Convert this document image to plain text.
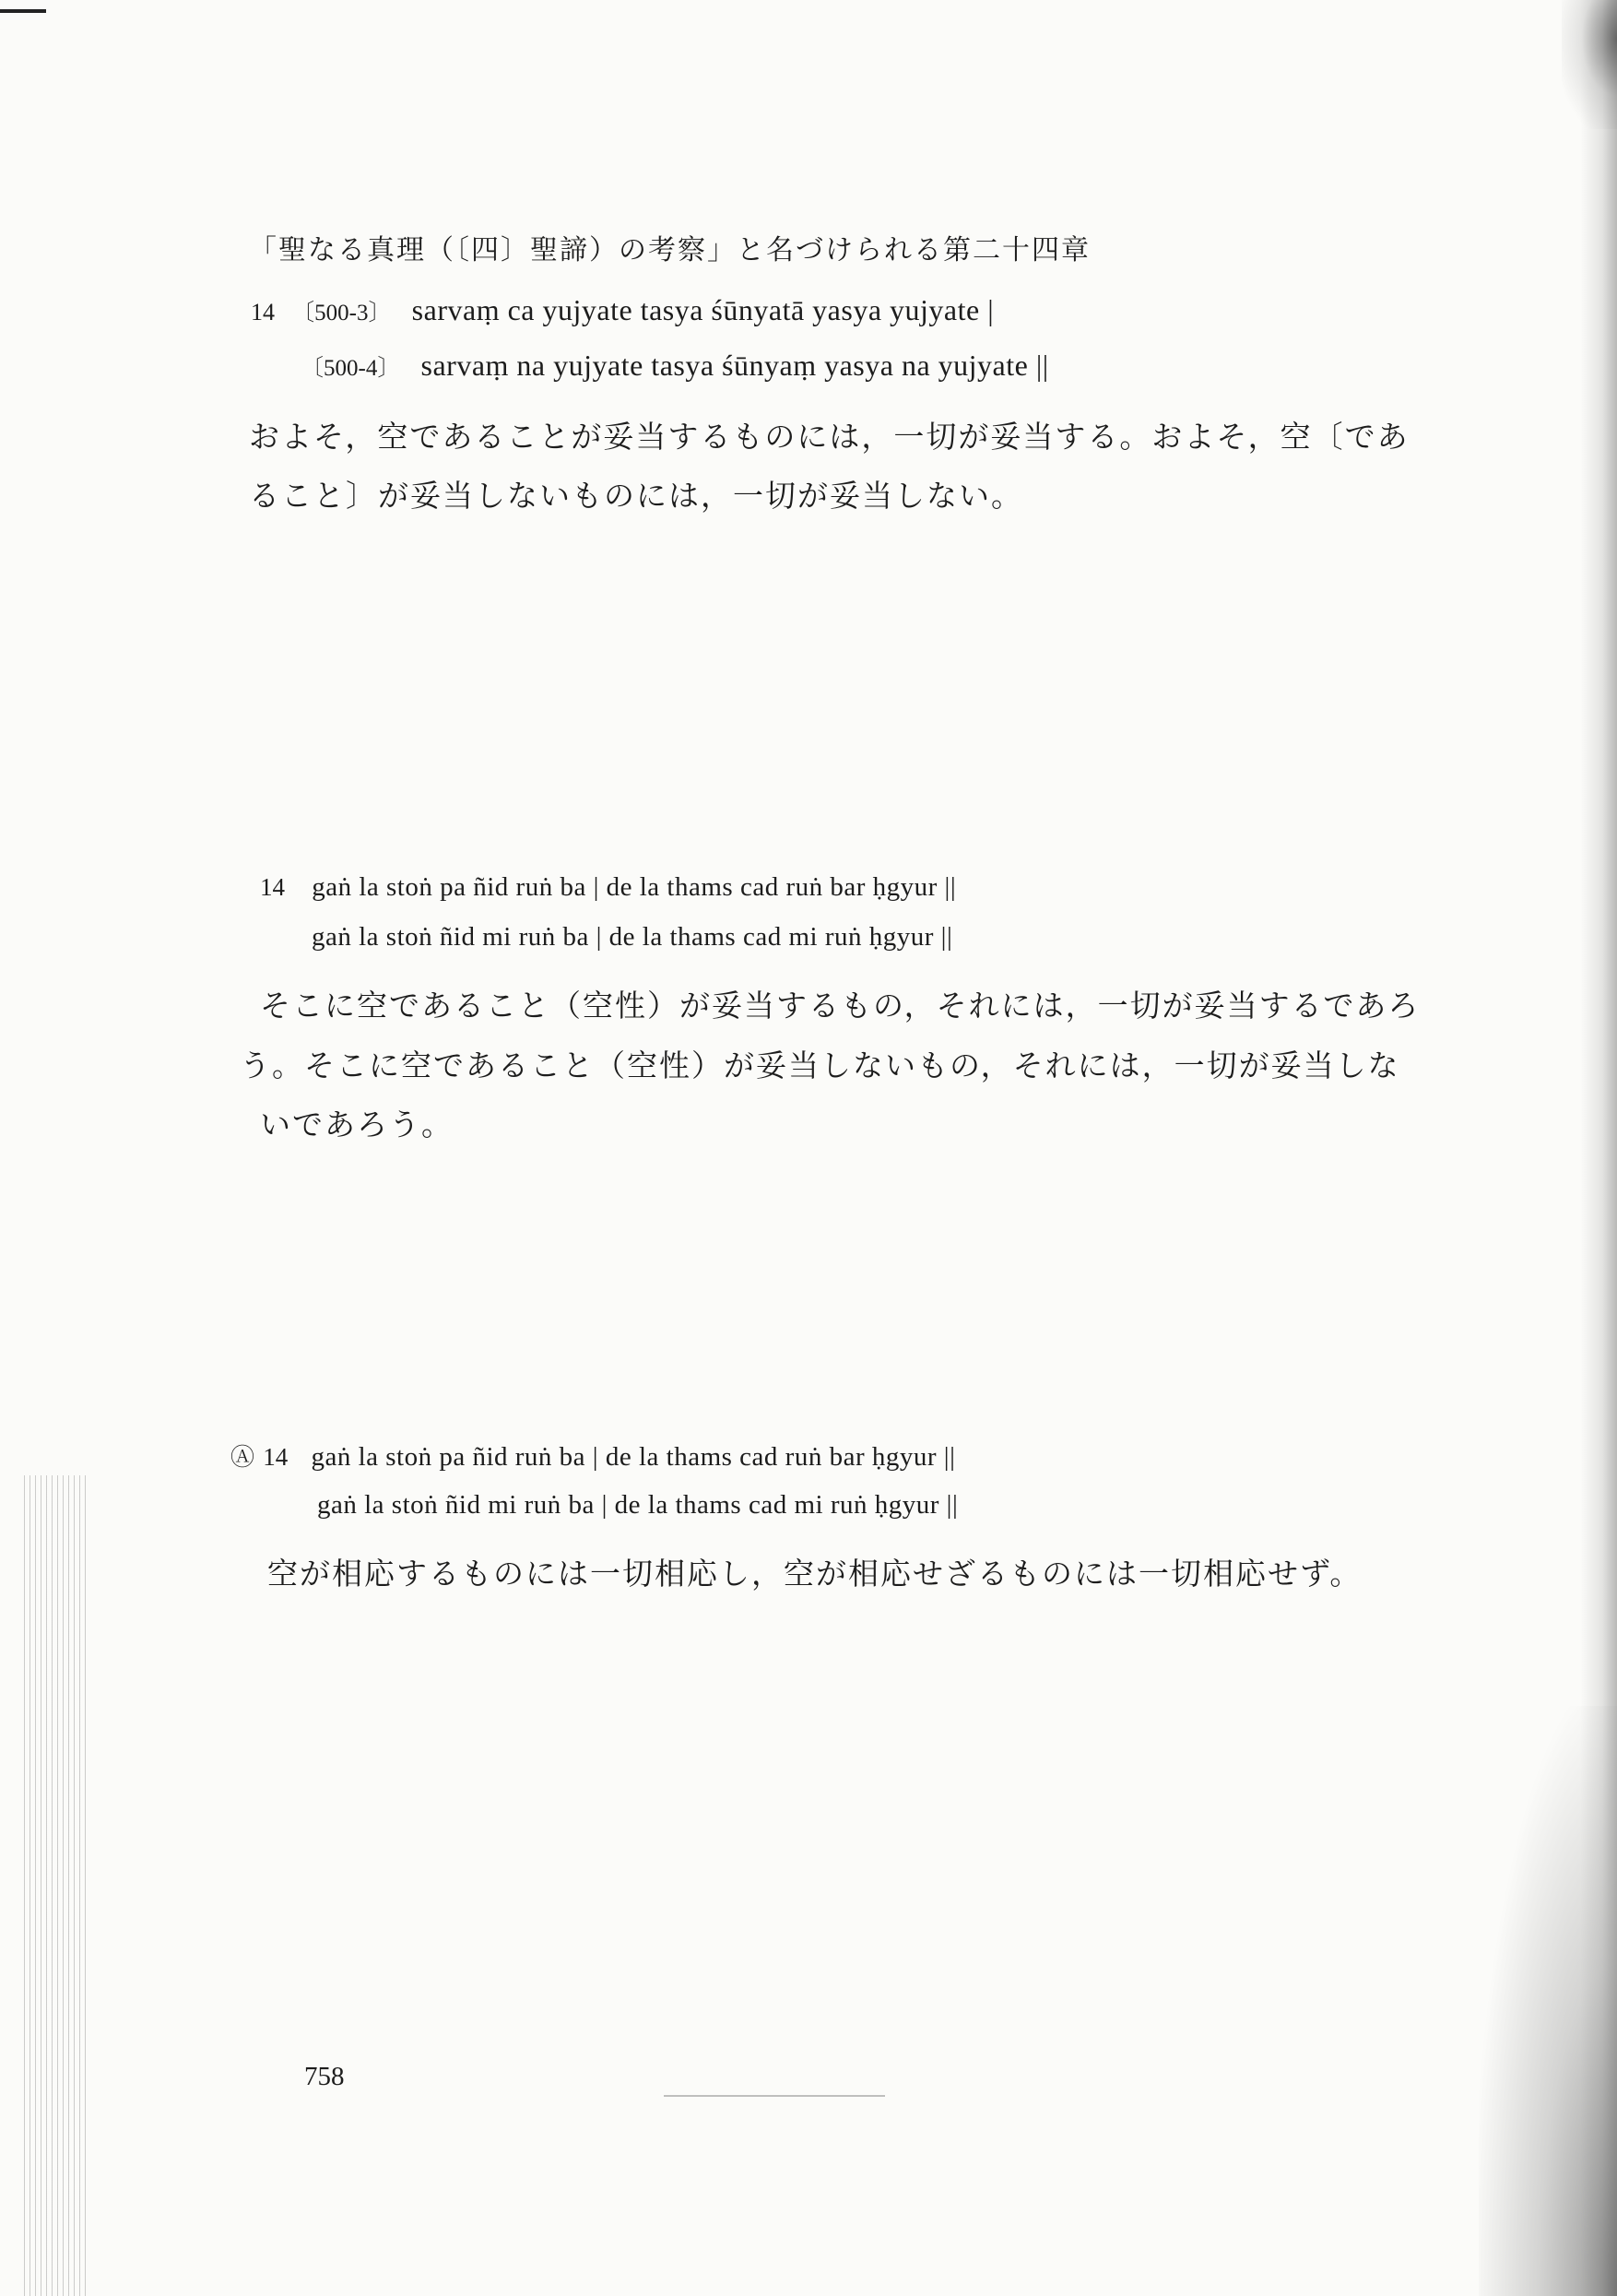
「聖なる真理（〔四〕聖諦）の考察」と名づけられる第二十四章
14 〔500-3〕 sarvaṃ ca yujyate tasya śūnyatā yasya yujyate |
〔500-4〕 sarvaṃ na yujyate tasya śūnyaṃ yasya na yujyate ||
およそ，空であることが妥当するものには，一切が妥当する。およそ，空〔であ
ること〕が妥当しないものには，一切が妥当しない。
14 gaṅ la stoṅ pa ñid ruṅ ba | de la thams cad ruṅ bar ḥgyur ||
gaṅ la stoṅ ñid mi ruṅ ba | de la thams cad mi ruṅ ḥgyur ||
そこに空であること（空性）が妥当するもの，それには，一切が妥当するであろ
う。そこに空であること（空性）が妥当しないもの，それには，一切が妥当しな
いであろう。
Ⓐ 14 gaṅ la stoṅ pa ñid ruṅ ba | de la thams cad ruṅ bar ḥgyur ||
gaṅ la stoṅ ñid mi ruṅ ba | de la thams cad mi ruṅ ḥgyur ||
空が相応するものには一切相応し，空が相応せざるものには一切相応せず。
758
